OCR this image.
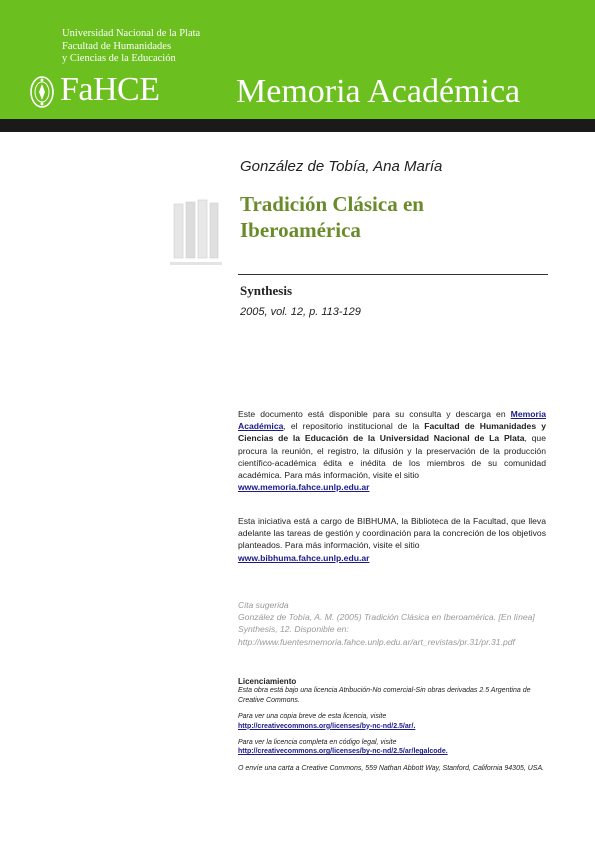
Universidad Nacional de la Plata
Facultad de Humanidades
y Ciencias de la Educación
FaHCE Memoria Académica
González de Tobía, Ana María
Tradición Clásica en Iberoamérica
Synthesis
2005, vol. 12, p. 113-129
Este documento está disponible para su consulta y descarga en Memoria Académica, el repositorio institucional de la Facultad de Humanidades y Ciencias de la Educación de la Universidad Nacional de La Plata, que procura la reunión, el registro, la difusión y la preservación de la producción científico-académica édita e inédita de los miembros de su comunidad académica. Para más información, visite el sitio
www.memoria.fahce.unlp.edu.ar
Esta iniciativa está a cargo de BIBHUMA, la Biblioteca de la Facultad, que lleva adelante las tareas de gestión y coordinación para la concreción de los objetivos planteados. Para más información, visite el sitio
www.bibhuma.fahce.unlp.edu.ar
Cita sugerida
González de Tobía, A. M. (2005) Tradición Clásica en Iberoamérica. [En línea] Synthesis, 12. Disponible en: http://www.fuentesmemoria.fahce.unlp.edu.ar/art_revistas/pr.31/pr.31.pdf
Licenciamiento
Esta obra está bajo una licencia Atribución-No comercial-Sin obras derivadas 2.5 Argentina de Creative Commons.
Para ver una copia breve de esta licencia, visite
http://creativecommons.org/licenses/by-nc-nd/2.5/ar/.
Para ver la licencia completa en código legal, visite
http://creativecommons.org/licenses/by-nc-nd/2.5/ar/legalcode.
O envíe una carta a Creative Commons, 559 Nathan Abbott Way, Stanford, California 94305, USA.
